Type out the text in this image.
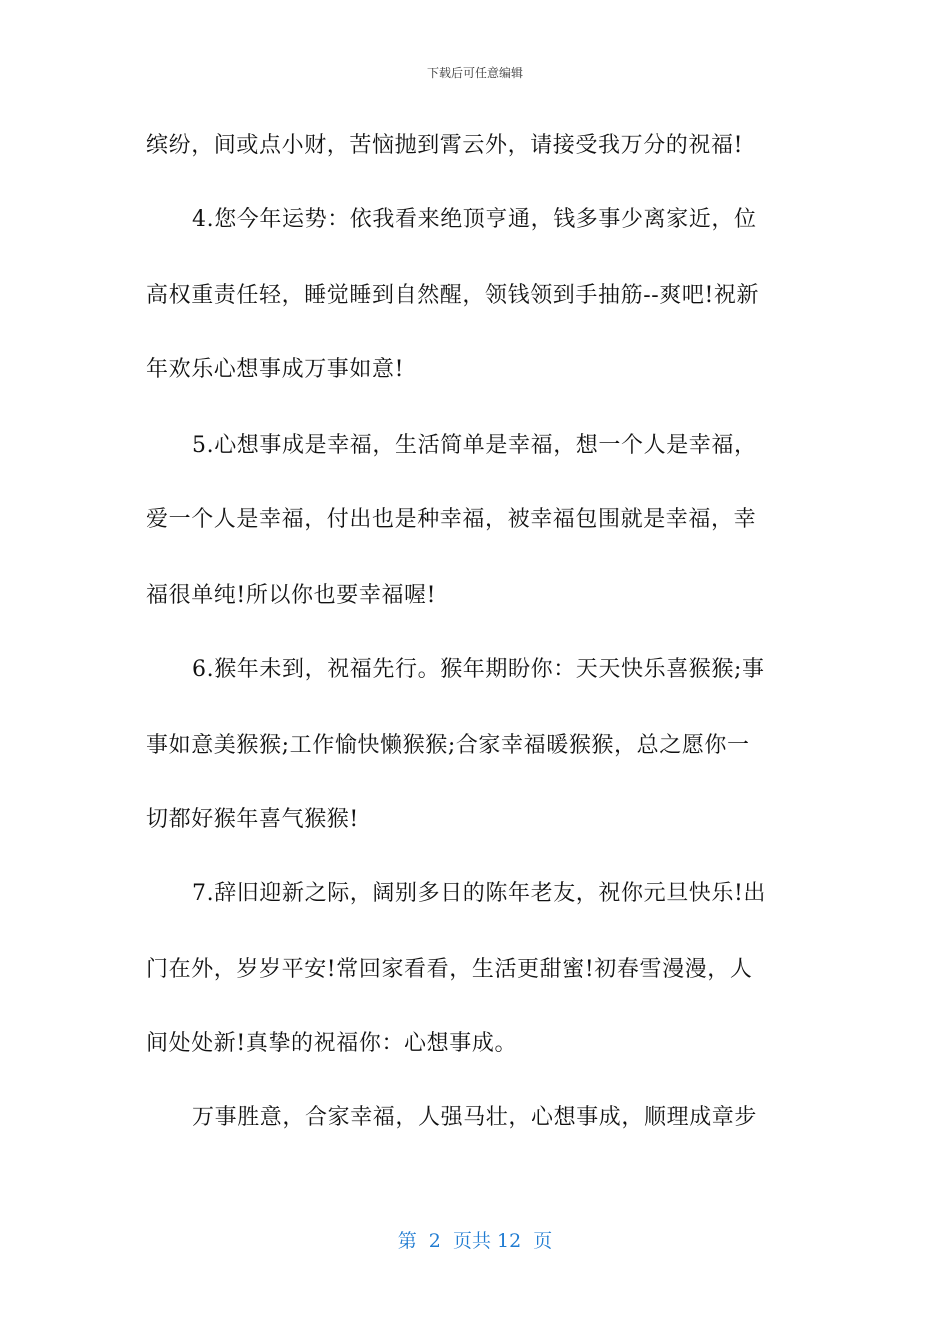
下载后可任意编辑
缤纷，间或点小财，苦恼抛到霄云外，请接受我万分的祝福!
4.您今年运势：依我看来绝顶亨通，钱多事少离家近，位
高权重责任轻，睡觉睡到自然醒，领钱领到手抽筋--爽吧!祝新
年欢乐心想事成万事如意!
5.心想事成是幸福，生活简单是幸福，想一个人是幸福，
爱一个人是幸福，付出也是种幸福，被幸福包围就是幸福，幸
福很单纯!所以你也要幸福喔!
6.猴年未到，祝福先行。猴年期盼你：天天快乐喜猴猴;事
事如意美猴猴;工作愉快懒猴猴;合家幸福暖猴猴，总之愿你一
切都好猴年喜气猴猴!
7.辞旧迎新之际，阔别多日的陈年老友，祝你元旦快乐!出
门在外，岁岁平安!常回家看看，生活更甜蜜!初春雪漫漫，人
间处处新!真挚的祝福你：心想事成。
万事胜意，合家幸福，人强马壮，心想事成，顺理成章步
第  2  页共 12  页
